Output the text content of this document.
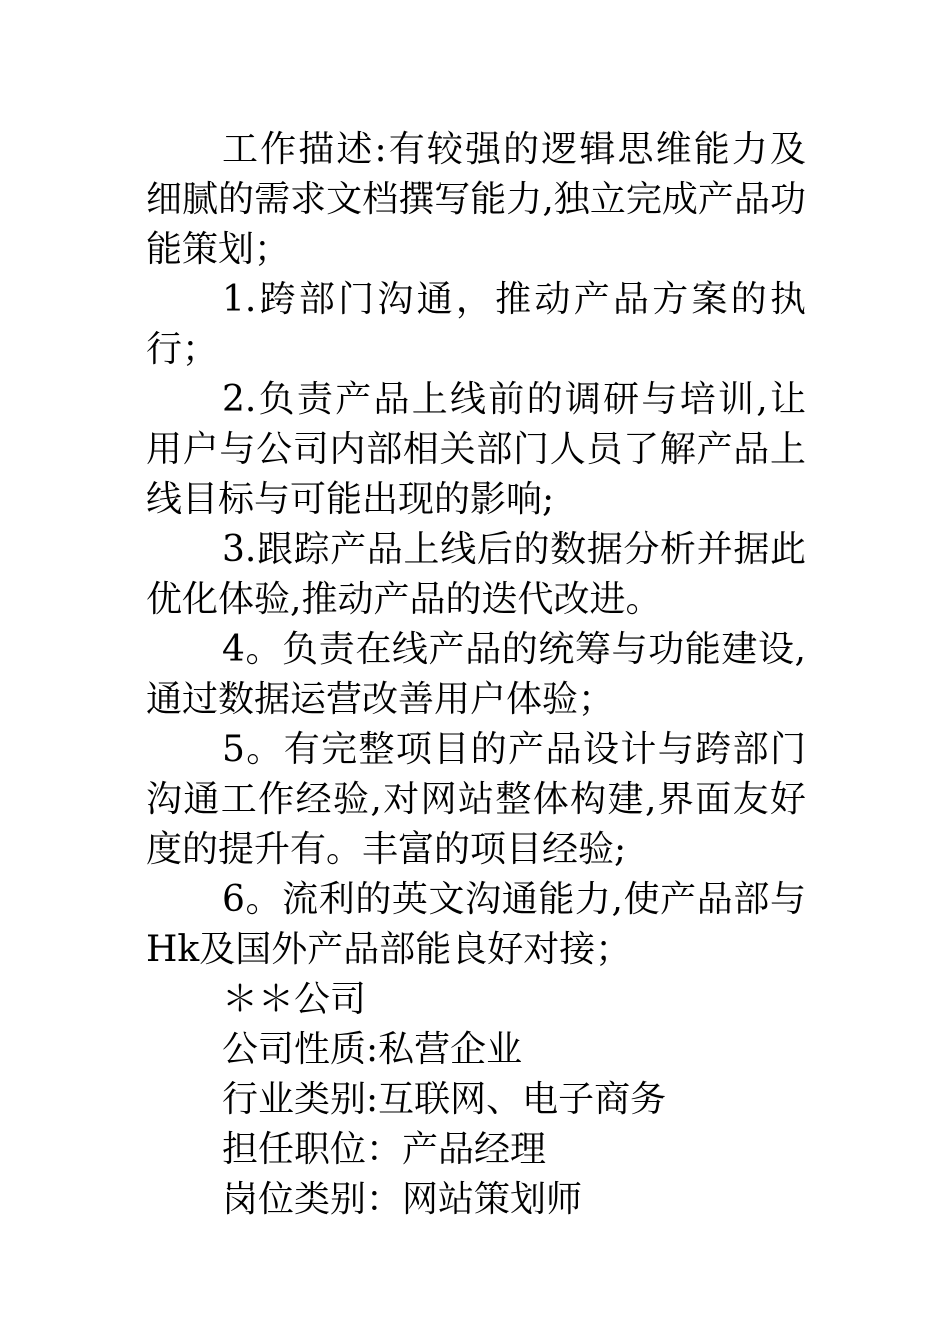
工作描述:有较强的逻辑思维能力及细腻的需求文档撰写能力,独立完成产品功能策划；

1.跨部门沟通，推动产品方案的执行；

2.负责产品上线前的调研与培训,让用户与公司内部相关部门人员了解产品上线目标与可能出现的影响;

3.跟踪产品上线后的数据分析并据此优化体验,推动产品的迭代改进。

4。负责在线产品的统筹与功能建设,通过数据运营改善用户体验；

5。有完整项目的产品设计与跨部门沟通工作经验,对网站整体构建,界面友好度的提升有。丰富的项目经验;

6。流利的英文沟通能力,使产品部与Hk及国外产品部能良好对接；

＊＊公司

公司性质:私营企业

行业类别:互联网、电子商务

担任职位：产品经理

岗位类别：网站策划师
